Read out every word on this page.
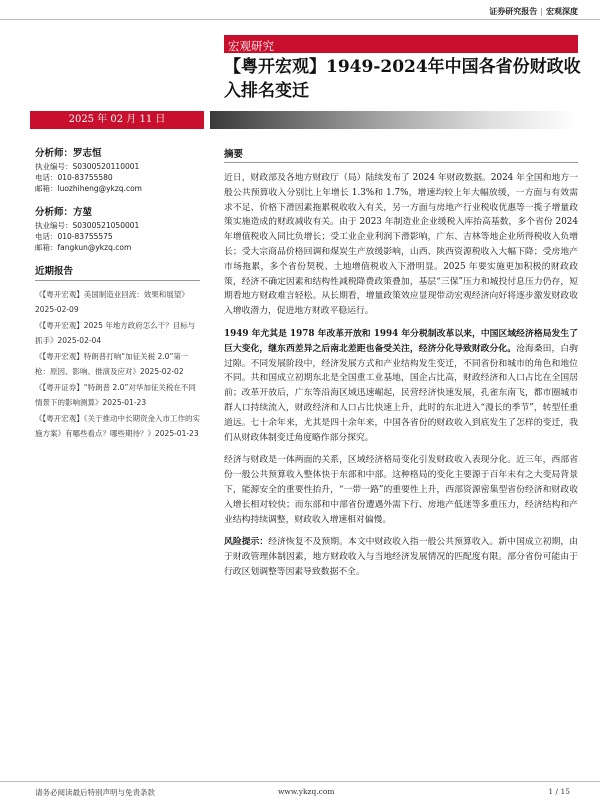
证券研究报告 | 宏观深度
宏观研究
【粤开宏观】1949-2024年中国各省份财政收入排名变迁
2025 年 02 月 11 日
分析师：罗志恒
执业编号：S0300520110001
电话：010-83755580
邮箱：luozhiheng@ykzq.com
分析师：方堃
执业编号：S0300521050001
电话：010-83755575
邮箱：fangkun@ykzq.com
近期报告
《【粤开宏观】美国制造业回流：效果和展望》2025-02-09
《【粤开宏观】2025 年地方政府怎么干？目标与抓手》2025-02-04
《【粤开宏观】特朗普打响“加征关税 2.0”第一枪：原因、影响、推演及应对》2025-02-02
《【粤开证券】“特朗普 2.0”对华加征关税在不同情景下的影响测算》2025-01-23
《【粤开宏观】《关于推动中长期资金入市工作的实施方案》有哪些看点？哪些期待？》2025-01-23
摘要

近日，财政部及各地方财政厅（局）陆续发布了 2024 年财政数据。2024 年全国和地方一般公共预算收入分别比上年增长 1.3%和 1.7%，增速均较上年大幅放缓，一方面与有效需求不足、价格下滑因素拖累税收收入有关，另一方面与房地产行业税收优惠等一揽子增量政策实施造成的财政减收有关。由于 2023 年制造业企业缓税入库抬高基数，多个省份 2024 年增值税收入同比负增长；受工业企业利润下滑影响，广东、吉林等地企业所得税收入负增长；受大宗商品价格回调和煤炭生产放缓影响，山西、陕西资源税收入大幅下降；受房地产市场拖累，多个省份契税、土地增值税收入下滑明显。2025 年要实施更加积极的财政政策，经济不确定因素和结构性减税降费政策叠加，基层“三保”压力和城投付息压力仍存，短期看地方财政难言轻松。从长期看，增量政策效应显现带动宏观经济向好将逐步激发财政收入增收潜力，促进地方财政平稳运行。

1949 年尤其是 1978 年改革开放和 1994 年分税制改革以来，中国区域经济格局发生了巨大变化，继东西差异之后南北差距也备受关注，经济分化导致财政分化。沧海桑田，白驹过隙。不同发展阶段中，经济发展方式和产业结构发生变迁，不同省份和城市的角色和地位不同。共和国成立初期东北是全国重工业基地，国企占比高，财政经济和人口占比在全国居前；改革开放后，广东等沿海区域迅速崛起，民营经济快速发展，孔雀东南飞，都市圈城市群人口持续流入，财政经济和人口占比快速上升，此时的东北进入“漫长的季节”，转型任重道远。七十余年来，尤其是四十余年来，中国各省份的财政收入到底发生了怎样的变迁，我们从财政体制变迁角度略作部分探究。

经济与财政是一体两面的关系，区域经济格局变化引发财政收入表现分化。近三年，西部省份一般公共预算收入整体快于东部和中部。这种格局的变化主要源于百年未有之大变局背景下，能源安全的重要性抬升，“一带一路”的重要性上升，西部资源密集型省份经济和财政收入增长相对较快；而东部和中部省份遭遇外需下行、房地产低迷等多重压力，经济结构和产业结构持续调整，财政收入增速相对偏慢。

风险提示：经济恢复不及预期。本文中财政收入指一般公共预算收入。新中国成立初期，由于财政管理体制因素，地方财政收入与当地经济发展情况的匹配度有限。部分省份可能由于行政区划调整等因素导致数据不全。

请务必阅读最后特别声明与免责条款	www.ykzq.com	1 / 15
